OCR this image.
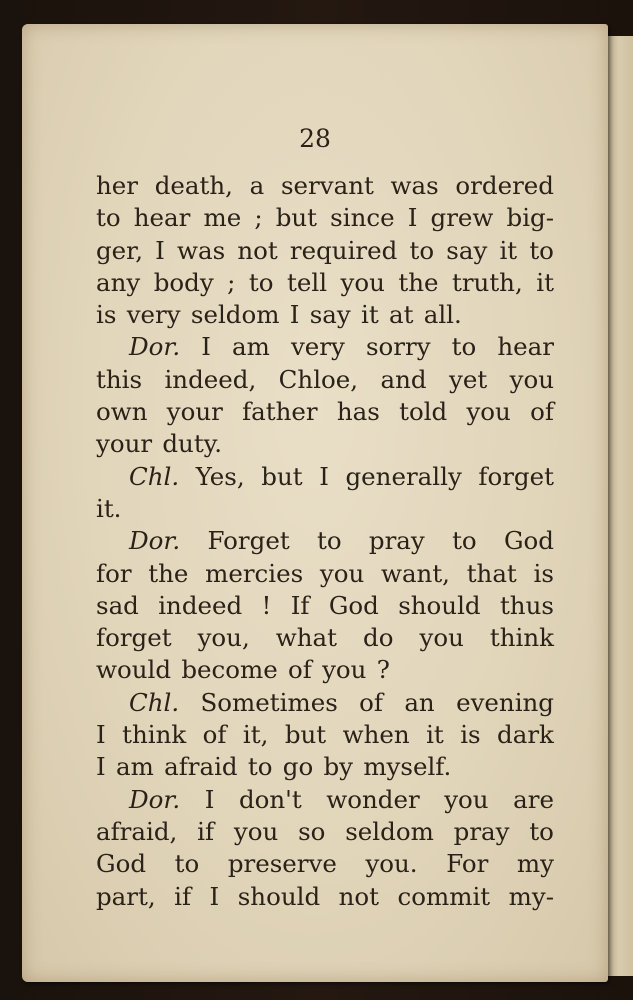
28
her death, a servant was ordered
to hear me ; but since I grew big-
ger, I was not required to say it to
any body ; to tell you the truth, it
is very seldom I say it at all.
Dor. I am very sorry to hear
this indeed, Chloe, and yet you
own your father has told you of
your duty.
Chl. Yes, but I generally forget
it.
Dor. Forget to pray to God
for the mercies you want, that is
sad indeed ! If God should thus
forget you, what do you think
would become of you ?
Chl. Sometimes of an evening
I think of it, but when it is dark
I am afraid to go by myself.
Dor. I don't wonder you are
afraid, if you so seldom pray to
God to preserve you. For my
part, if I should not commit my-
